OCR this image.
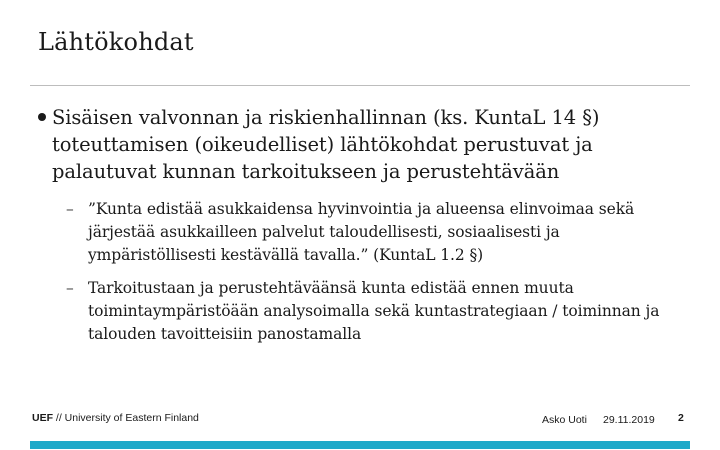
Lähtökohdat
Sisäisen valvonnan ja riskienhallinnan (ks. KuntaL 14 §) toteuttamisen (oikeudelliset) lähtökohdat perustuvat ja palautuvat kunnan tarkoitukseen ja perustehtävään
– ”Kunta edistää asukkaidensa hyvinvointia ja alueensa elinvoimaa sekä järjestää asukkailleen palvelut taloudellisesti, sosiaalisesti ja ympäristöllisesti kestävällä tavalla.” (KuntaL 1.2 §)
– Tarkoitustaan ja perustehtäväänsä kunta edistää ennen muuta toimintaympäristöään analysoimalla sekä kuntastrategiaan / toiminnan ja talouden tavoitteisiin panostamalla
UEF // University of Eastern Finland	Asko Uoti 29.11.2019 2
